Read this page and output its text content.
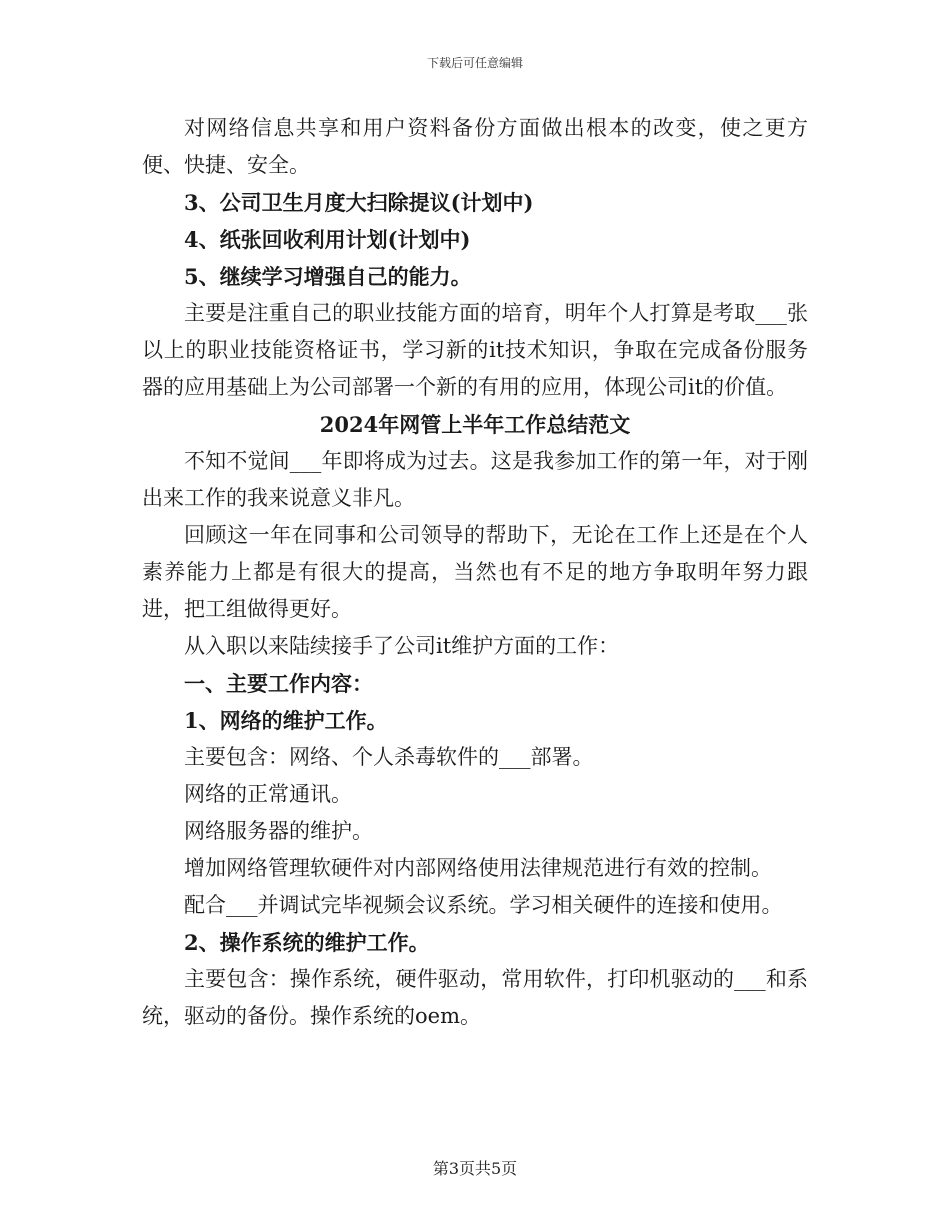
下载后可任意编辑

对网络信息共享和用户资料备份方面做出根本的改变，使之更方便、快捷、安全。

3、公司卫生月度大扫除提议(计划中)

4、纸张回收利用计划(计划中)

5、继续学习增强自己的能力。

主要是注重自己的职业技能方面的培育，明年个人打算是考取___张以上的职业技能资格证书，学习新的it技术知识，争取在完成备份服务器的应用基础上为公司部署一个新的有用的应用，体现公司it的价值。

2024年网管上半年工作总结范文

不知不觉间___年即将成为过去。这是我参加工作的第一年，对于刚出来工作的我来说意义非凡。

回顾这一年在同事和公司领导的帮助下，无论在工作上还是在个人素养能力上都是有很大的提高，当然也有不足的地方争取明年努力跟进，把工组做得更好。

从入职以来陆续接手了公司it维护方面的工作：

一、主要工作内容：

1、网络的维护工作。

主要包含：网络、个人杀毒软件的___部署。

网络的正常通讯。

网络服务器的维护。

增加网络管理软硬件对内部网络使用法律规范进行有效的控制。

配合___并调试完毕视频会议系统。学习相关硬件的连接和使用。

2、操作系统的维护工作。

主要包含：操作系统，硬件驱动，常用软件，打印机驱动的___和系统，驱动的备份。操作系统的oem。

第3页共5页
